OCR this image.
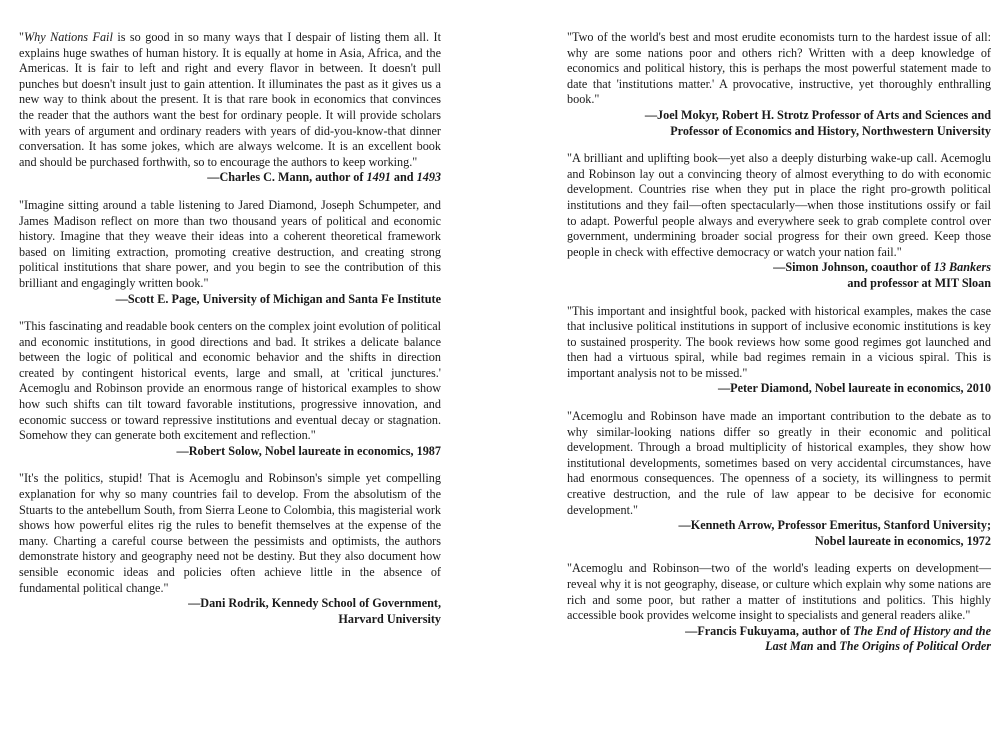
"Why Nations Fail is so good in so many ways that I despair of listing them all. It explains huge swathes of human history. It is equally at home in Asia, Africa, and the Americas. It is fair to left and right and every flavor in between. It doesn't pull punches but doesn't insult just to gain attention. It illuminates the past as it gives us a new way to think about the present. It is that rare book in economics that convinces the reader that the authors want the best for ordinary people. It will provide scholars with years of argument and ordinary readers with years of did-you-know-that dinner conversation. It has some jokes, which are always welcome. It is an excellent book and should be purchased forthwith, so to encourage the authors to keep working."

—Charles C. Mann, author of 1491 and 1493

"Imagine sitting around a table listening to Jared Diamond, Joseph Schumpeter, and James Madison reflect on more than two thousand years of political and economic history. Imagine that they weave their ideas into a coherent theoretical framework based on limiting extraction, promoting creative destruction, and creating strong political institutions that share power, and you begin to see the contribution of this brilliant and engagingly written book."

—Scott E. Page, University of Michigan and Santa Fe Institute

"This fascinating and readable book centers on the complex joint evolution of political and economic institutions, in good directions and bad. It strikes a delicate balance between the logic of political and economic behavior and the shifts in direction created by contingent historical events, large and small, at 'critical junctures.' Acemoglu and Robinson provide an enormous range of historical examples to show how such shifts can tilt toward favorable institutions, progressive innovation, and economic success or toward repressive institutions and eventual decay or stagnation. Somehow they can generate both excitement and reflection."

—Robert Solow, Nobel laureate in economics, 1987

"It's the politics, stupid! That is Acemoglu and Robinson's simple yet compelling explanation for why so many countries fail to develop. From the absolutism of the Stuarts to the antebellum South, from Sierra Leone to Colombia, this magisterial work shows how powerful elites rig the rules to benefit themselves at the expense of the many. Charting a careful course between the pessimists and optimists, the authors demonstrate history and geography need not be destiny. But they also document how sensible economic ideas and policies often achieve little in the absence of fundamental political change."

—Dani Rodrik, Kennedy School of Government,
Harvard University

"Two of the world's best and most erudite economists turn to the hardest issue of all: why are some nations poor and others rich? Written with a deep knowledge of economics and political history, this is perhaps the most powerful statement made to date that 'institutions matter.' A provocative, instructive, yet thoroughly enthralling book."

—Joel Mokyr, Robert H. Strotz Professor of Arts and Sciences and
Professor of Economics and History, Northwestern University

"A brilliant and uplifting book—yet also a deeply disturbing wake-up call. Acemoglu and Robinson lay out a convincing theory of almost everything to do with economic development. Countries rise when they put in place the right pro-growth political institutions and they fail—often spectacularly—when those institutions ossify or fail to adapt. Powerful people always and everywhere seek to grab complete control over government, undermining broader social progress for their own greed. Keep those people in check with effective democracy or watch your nation fail."

—Simon Johnson, coauthor of 13 Bankers
and professor at MIT Sloan

"This important and insightful book, packed with historical examples, makes the case that inclusive political institutions in support of inclusive economic institutions is key to sustained prosperity. The book reviews how some good regimes got launched and then had a virtuous spiral, while bad regimes remain in a vicious spiral. This is important analysis not to be missed."

—Peter Diamond, Nobel laureate in economics, 2010

"Acemoglu and Robinson have made an important contribution to the debate as to why similar-looking nations differ so greatly in their economic and political development. Through a broad multiplicity of historical examples, they show how institutional developments, sometimes based on very accidental circumstances, have had enormous consequences. The openness of a society, its willingness to permit creative destruction, and the rule of law appear to be decisive for economic development."

—Kenneth Arrow, Professor Emeritus, Stanford University;
Nobel laureate in economics, 1972

"Acemoglu and Robinson—two of the world's leading experts on development—reveal why it is not geography, disease, or culture which explain why some nations are rich and some poor, but rather a matter of institutions and politics. This highly accessible book provides welcome insight to specialists and general readers alike."

—Francis Fukuyama, author of The End of History and the
Last Man and The Origins of Political Order
